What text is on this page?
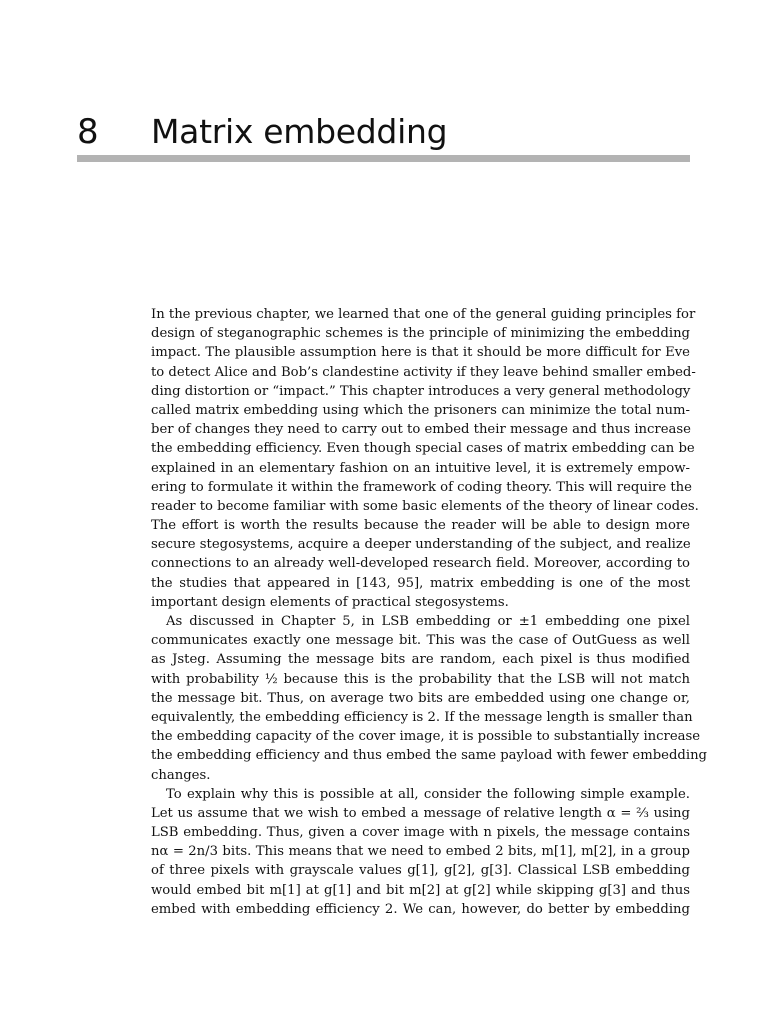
8 Matrix embedding
In the previous chapter, we learned that one of the general guiding principles for
design of steganographic schemes is the principle of minimizing the embedding
impact. The plausible assumption here is that it should be more difficult for Eve
to detect Alice and Bob’s clandestine activity if they leave behind smaller embed-
ding distortion or “impact.” This chapter introduces a very general methodology
called matrix embedding using which the prisoners can minimize the total num-
ber of changes they need to carry out to embed their message and thus increase
the embedding efficiency. Even though special cases of matrix embedding can be
explained in an elementary fashion on an intuitive level, it is extremely empow-
ering to formulate it within the framework of coding theory. This will require the
reader to become familiar with some basic elements of the theory of linear codes.
The effort is worth the results because the reader will be able to design more
secure stegosystems, acquire a deeper understanding of the subject, and realize
connections to an already well-developed research field. Moreover, according to
the studies that appeared in [143, 95], matrix embedding is one of the most
important design elements of practical stegosystems.
As discussed in Chapter 5, in LSB embedding or ±1 embedding one pixel
communicates exactly one message bit. This was the case of OutGuess as well
as Jsteg. Assuming the message bits are random, each pixel is thus modified
with probability ½ because this is the probability that the LSB will not match
the message bit. Thus, on average two bits are embedded using one change or,
equivalently, the embedding efficiency is 2. If the message length is smaller than
the embedding capacity of the cover image, it is possible to substantially increase
the embedding efficiency and thus embed the same payload with fewer embedding
changes.
To explain why this is possible at all, consider the following simple example.
Let us assume that we wish to embed a message of relative length α = ⅔ using
LSB embedding. Thus, given a cover image with n pixels, the message contains
nα = 2n/3 bits. This means that we need to embed 2 bits, m[1], m[2], in a group
of three pixels with grayscale values g[1], g[2], g[3]. Classical LSB embedding
would embed bit m[1] at g[1] and bit m[2] at g[2] while skipping g[3] and thus
embed with embedding efficiency 2. We can, however, do better by embedding
